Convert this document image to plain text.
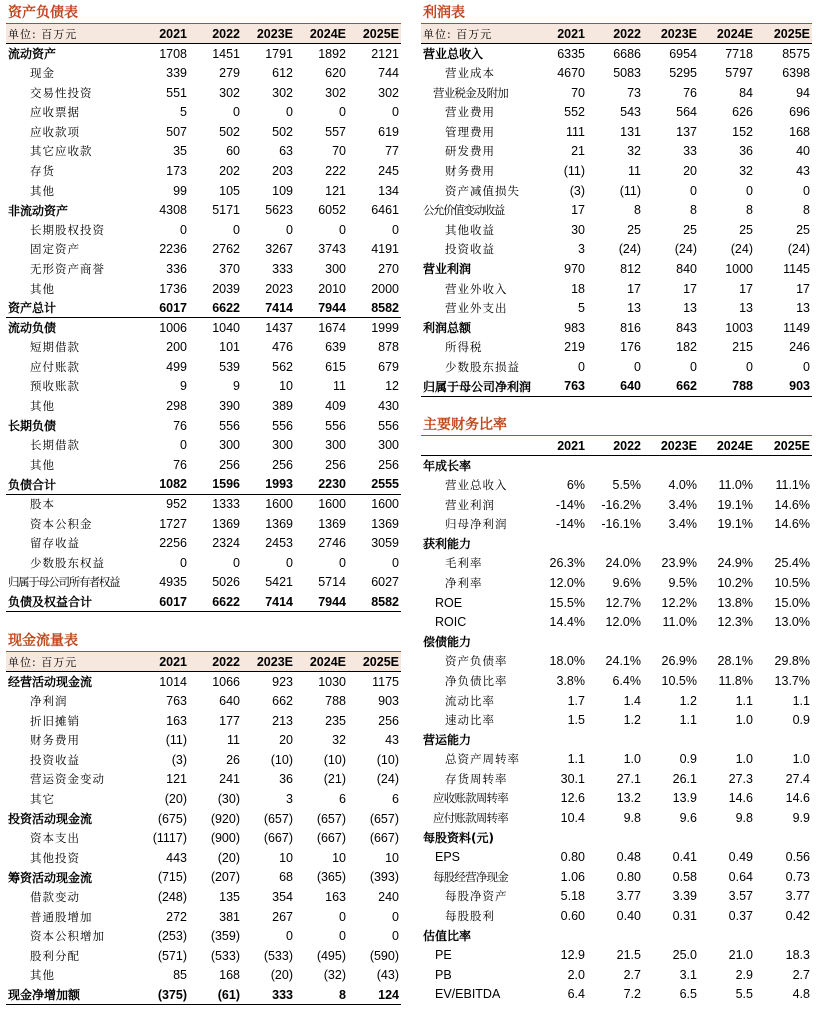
资产负债表
单位: 百万元	2021	2022	2023E	2024E	2025E
流动资产	1708	1451	1791	1892	2121
现金	339	279	612	620	744
交易性投资	551	302	302	302	302
应收票据	5	0	0	0	0
应收款项	507	502	502	557	619
其它应收款	35	60	63	70	77
存货	173	202	203	222	245
其他	99	105	109	121	134
非流动资产	4308	5171	5623	6052	6461
长期股权投资	0	0	0	0	0
固定资产	2236	2762	3267	3743	4191
无形资产商誉	336	370	333	300	270
其他	1736	2039	2023	2010	2000
资产总计	6017	6622	7414	7944	8582
流动负债	1006	1040	1437	1674	1999
短期借款	200	101	476	639	878
应付账款	499	539	562	615	679
预收账款	9	9	10	11	12
其他	298	390	389	409	430
长期负债	76	556	556	556	556
长期借款	0	300	300	300	300
其他	76	256	256	256	256
负债合计	1082	1596	1993	2230	2555
股本	952	1333	1600	1600	1600
资本公积金	1727	1369	1369	1369	1369
留存收益	2256	2324	2453	2746	3059
少数股东权益	0	0	0	0	0
归属于母公司所有者权益	4935	5026	5421	5714	6027
负债及权益合计	6017	6622	7414	7944	8582
现金流量表
单位: 百万元	2021	2022	2023E	2024E	2025E
经营活动现金流	1014	1066	923	1030	1175
净利润	763	640	662	788	903
折旧摊销	163	177	213	235	256
财务费用	(11)	11	20	32	43
投资收益	(3)	26	(10)	(10)	(10)
营运资金变动	121	241	36	(21)	(24)
其它	(20)	(30)	3	6	6
投资活动现金流	(675)	(920)	(657)	(657)	(657)
资本支出	(1117)	(900)	(667)	(667)	(667)
其他投资	443	(20)	10	10	10
筹资活动现金流	(715)	(207)	68	(365)	(393)
借款变动	(248)	135	354	163	240
普通股增加	272	381	267	0	0
资本公积增加	(253)	(359)	0	0	0
股利分配	(571)	(533)	(533)	(495)	(590)
其他	85	168	(20)	(32)	(43)
现金净增加额	(375)	(61)	333	8	124
利润表
单位: 百万元	2021	2022	2023E	2024E	2025E
营业总收入	6335	6686	6954	7718	8575
营业成本	4670	5083	5295	5797	6398
营业税金及附加	70	73	76	84	94
营业费用	552	543	564	626	696
管理费用	111	131	137	152	168
研发费用	21	32	33	36	40
财务费用	(11)	11	20	32	43
资产减值损失	(3)	(11)	0	0	0
公允价值变动收益	17	8	8	8	8
其他收益	30	25	25	25	25
投资收益	3	(24)	(24)	(24)	(24)
营业利润	970	812	840	1000	1145
营业外收入	18	17	17	17	17
营业外支出	5	13	13	13	13
利润总额	983	816	843	1003	1149
所得税	219	176	182	215	246
少数股东损益	0	0	0	0	0
归属于母公司净利润	763	640	662	788	903
主要财务比率
	2021	2022	2023E	2024E	2025E
年成长率					
营业总收入	6%	5.5%	4.0%	11.0%	11.1%
营业利润	-14%	-16.2%	3.4%	19.1%	14.6%
归母净利润	-14%	-16.1%	3.4%	19.1%	14.6%
获利能力					
毛利率	26.3%	24.0%	23.9%	24.9%	25.4%
净利率	12.0%	9.6%	9.5%	10.2%	10.5%
ROE	15.5%	12.7%	12.2%	13.8%	15.0%
ROIC	14.4%	12.0%	11.0%	12.3%	13.0%
偿债能力					
资产负债率	18.0%	24.1%	26.9%	28.1%	29.8%
净负债比率	3.8%	6.4%	10.5%	11.8%	13.7%
流动比率	1.7	1.4	1.2	1.1	1.1
速动比率	1.5	1.2	1.1	1.0	0.9
营运能力					
总资产周转率	1.1	1.0	0.9	1.0	1.0
存货周转率	30.1	27.1	26.1	27.3	27.4
应收账款周转率	12.6	13.2	13.9	14.6	14.6
应付账款周转率	10.4	9.8	9.6	9.8	9.9
每股资料(元)					
EPS	0.80	0.48	0.41	0.49	0.56
每股经营净现金	1.06	0.80	0.58	0.64	0.73
每股净资产	5.18	3.77	3.39	3.57	3.77
每股股利	0.60	0.40	0.31	0.37	0.42
估值比率					
PE	12.9	21.5	25.0	21.0	18.3
PB	2.0	2.7	3.1	2.9	2.7
EV/EBITDA	6.4	7.2	6.5	5.5	4.8
